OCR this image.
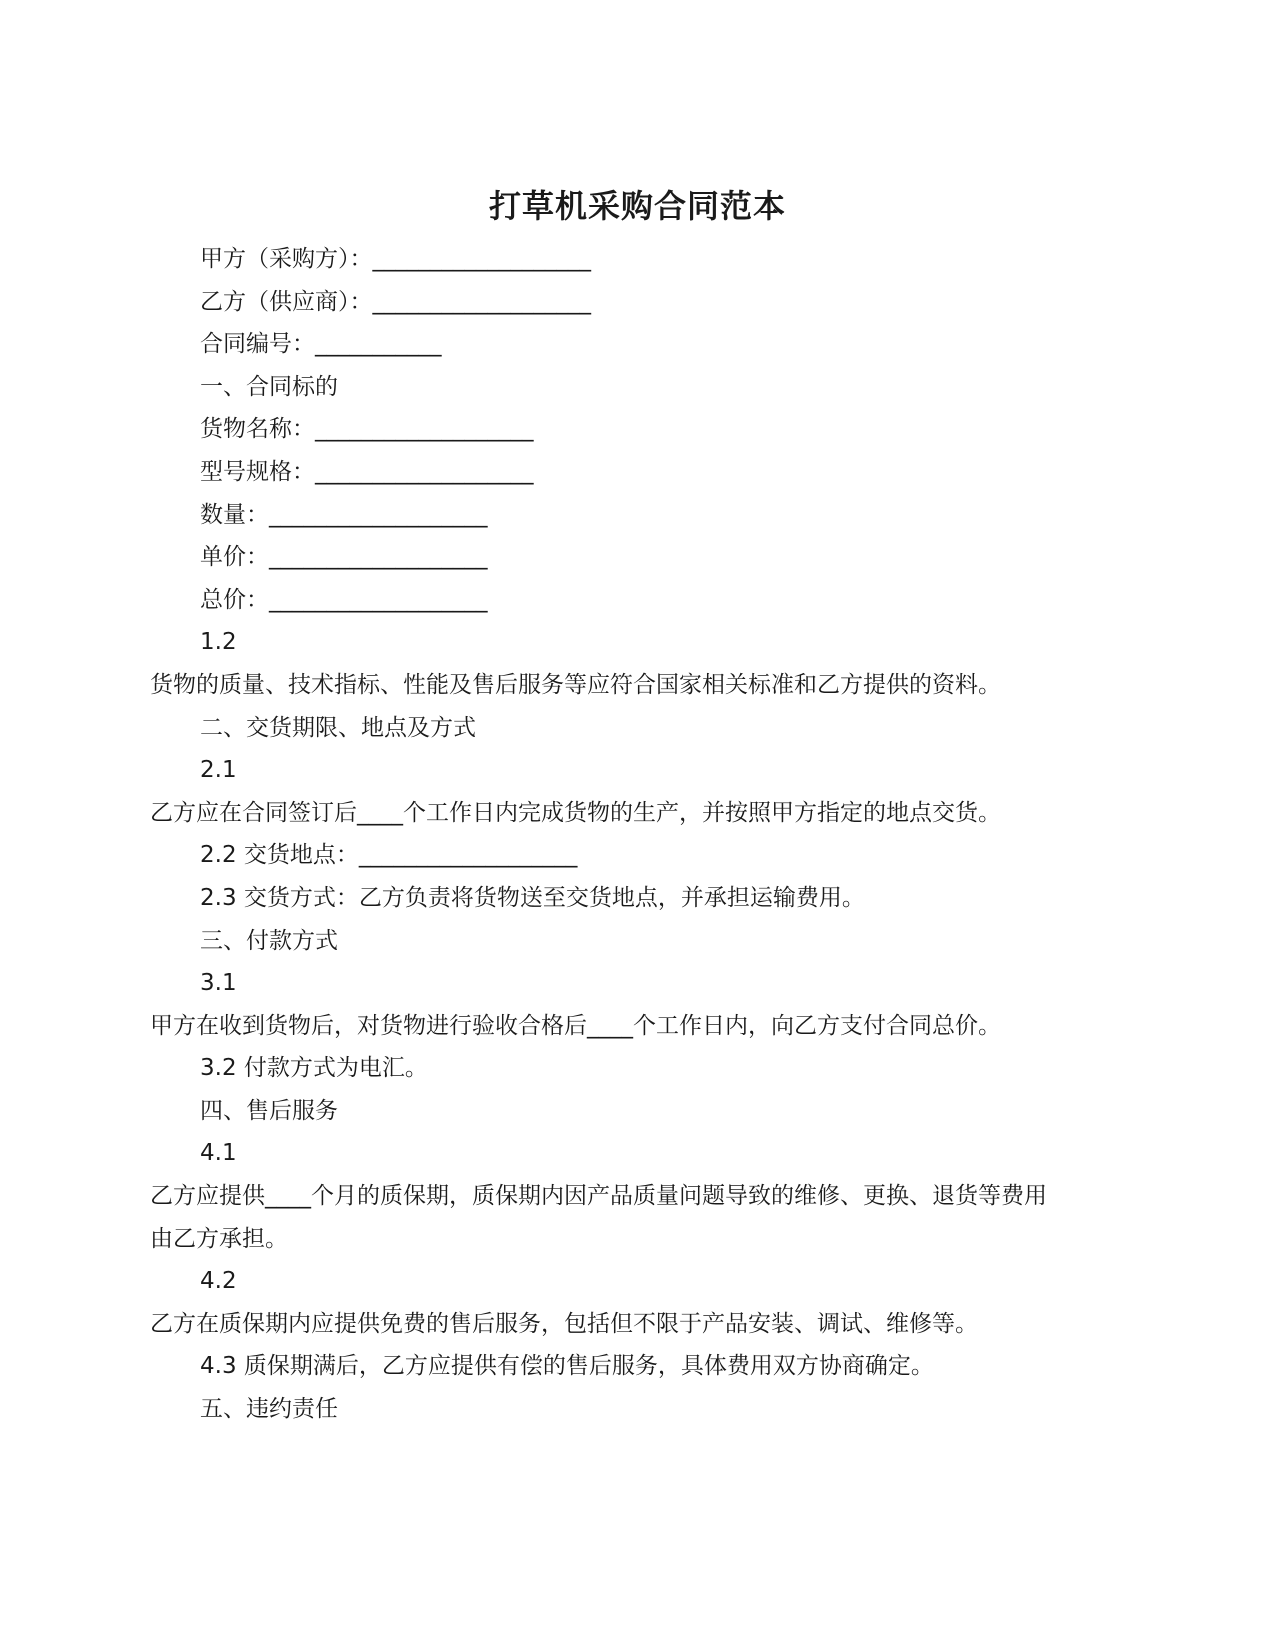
打草机采购合同范本
甲方（采购方）：___________________
乙方（供应商）：___________________
合同编号：___________
一、合同标的
货物名称：___________________
型号规格：___________________
数量：___________________
单价：___________________
总价：___________________
1.2
货物的质量、技术指标、性能及售后服务等应符合国家相关标准和乙方提供的资料。
二、交货期限、地点及方式
2.1
乙方应在合同签订后____个工作日内完成货物的生产，并按照甲方指定的地点交货。
2.2 交货地点：___________________
2.3 交货方式：乙方负责将货物送至交货地点，并承担运输费用。
三、付款方式
3.1
甲方在收到货物后，对货物进行验收合格后____个工作日内，向乙方支付合同总价。
3.2 付款方式为电汇。
四、售后服务
4.1
乙方应提供____个月的质保期，质保期内因产品质量问题导致的维修、更换、退货等费用
由乙方承担。
4.2
乙方在质保期内应提供免费的售后服务，包括但不限于产品安装、调试、维修等。
4.3 质保期满后，乙方应提供有偿的售后服务，具体费用双方协商确定。
五、违约责任
